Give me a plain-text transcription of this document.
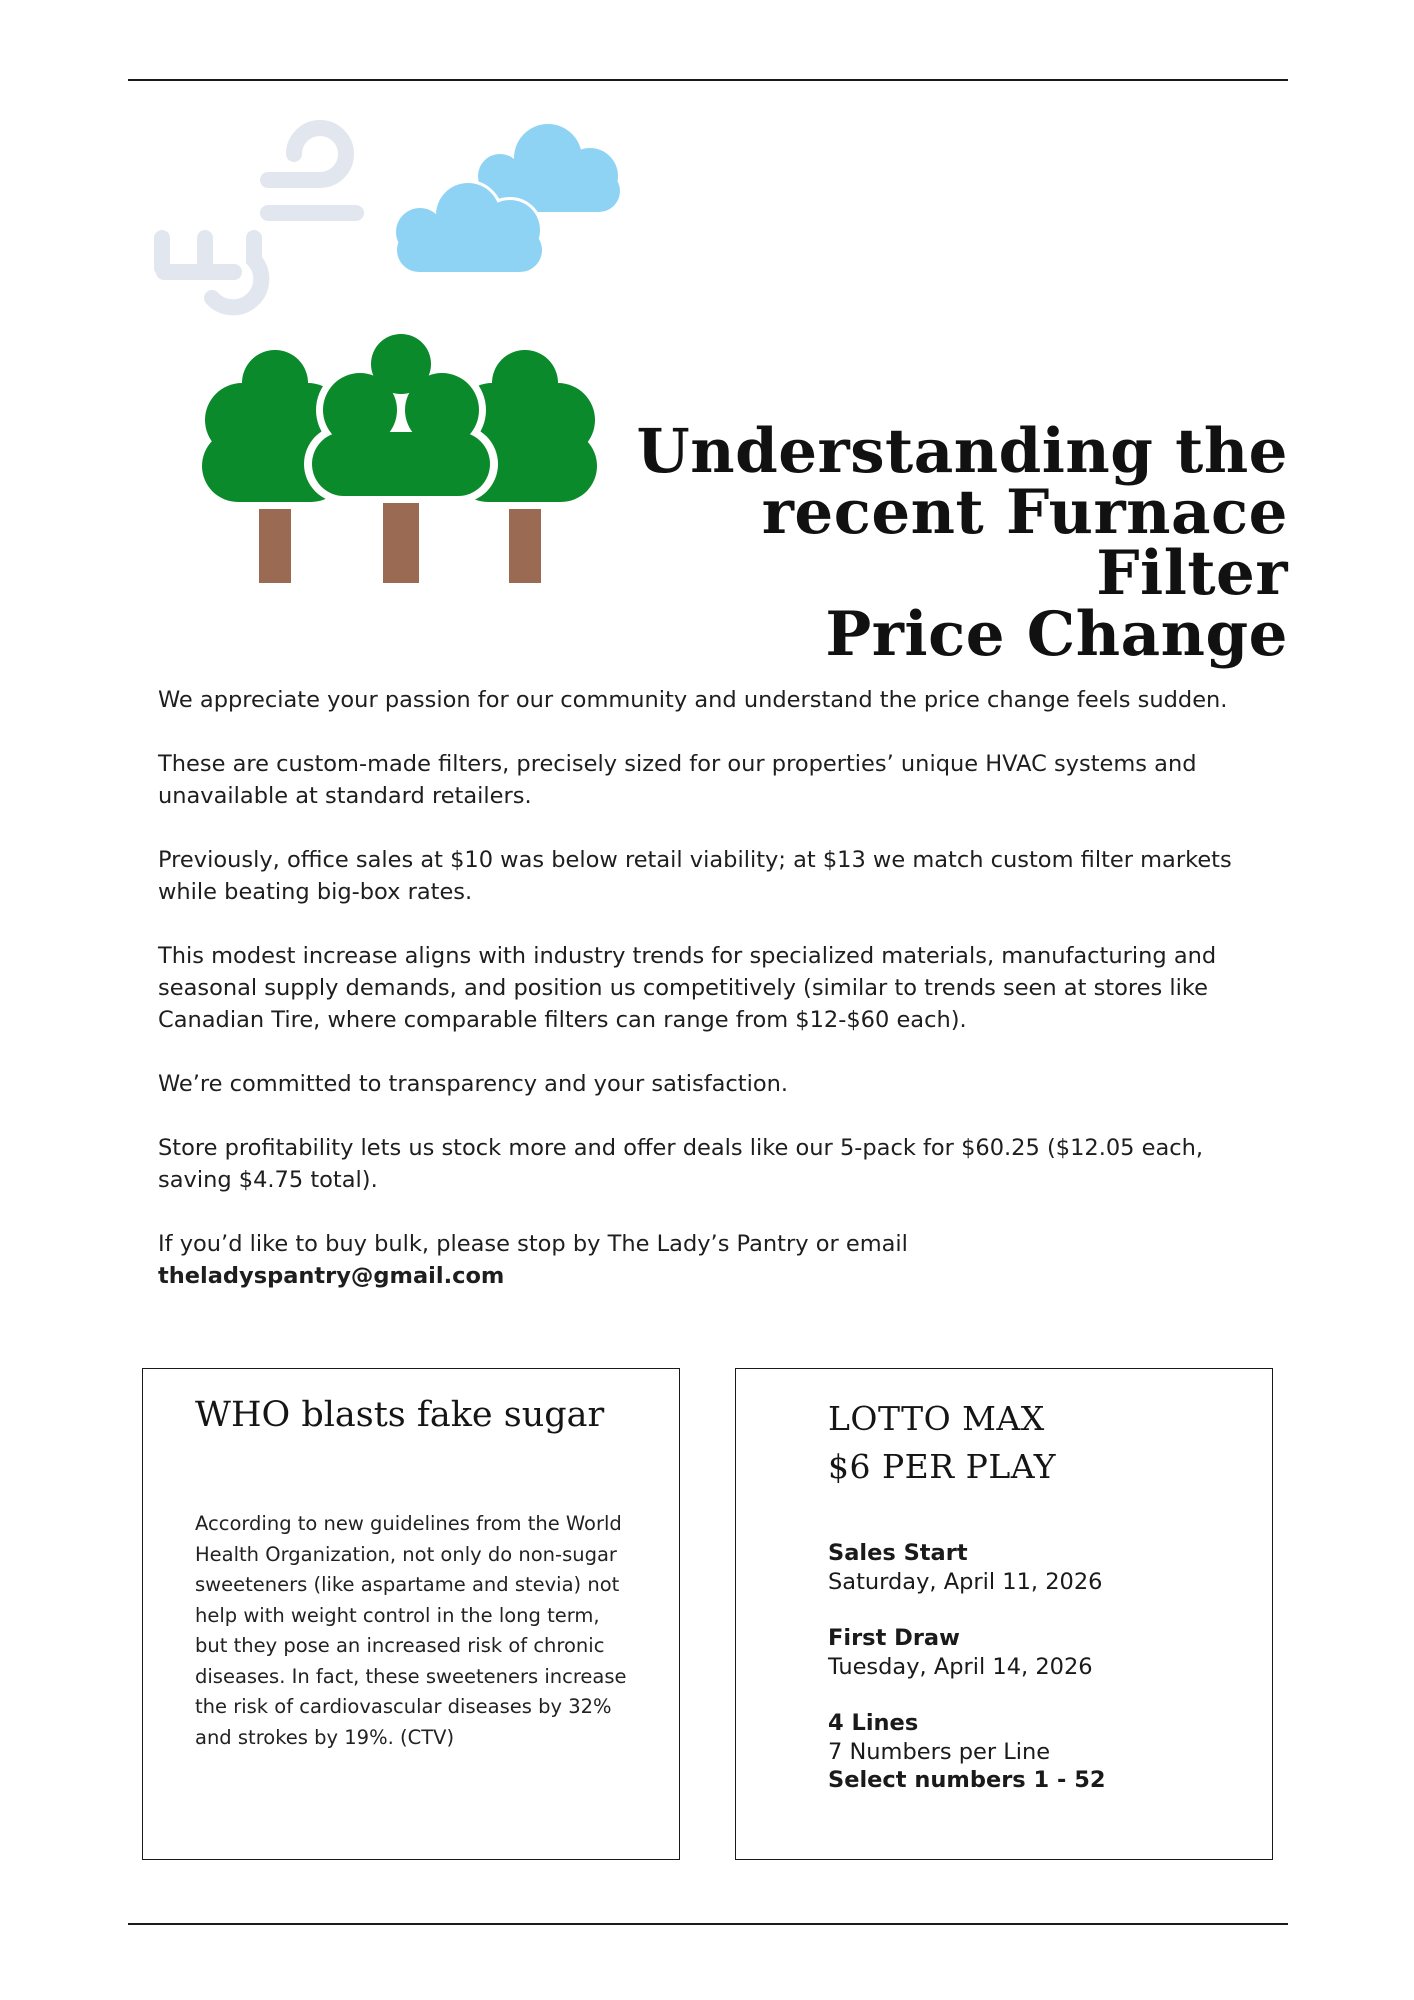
Understanding the
recent Furnace Filter
Price Change

We appreciate your passion for our community and understand the price change feels sudden.

These are custom-made filters, precisely sized for our properties’ unique HVAC systems and unavailable at standard retailers.

Previously, office sales at $10 was below retail viability; at $13 we match custom filter markets while beating big-box rates.

This modest increase aligns with industry trends for specialized materials, manufacturing and seasonal supply demands, and position us competitively (similar to trends seen at stores like Canadian Tire, where comparable filters can range from $12-$60 each).

We’re committed to transparency and your satisfaction.

Store profitability lets us stock more and offer deals like our 5-pack for $60.25 ($12.05 each, saving $4.75 total).

If you’d like to buy bulk, please stop by The Lady’s Pantry or email
theladyspantry@gmail.com

WHO blasts fake sugar
According to new guidelines from the World Health Organization, not only do non-sugar sweeteners (like aspartame and stevia) not help with weight control in the long term, but they pose an increased risk of chronic diseases. In fact, these sweeteners increase the risk of cardiovascular diseases by 32% and strokes by 19%. (CTV)
LOTTO MAX
$6 PER PLAY
Sales Start
Saturday, April 11, 2026
First Draw
Tuesday, April 14, 2026
4 Lines
7 Numbers per Line
Select numbers 1 - 52
